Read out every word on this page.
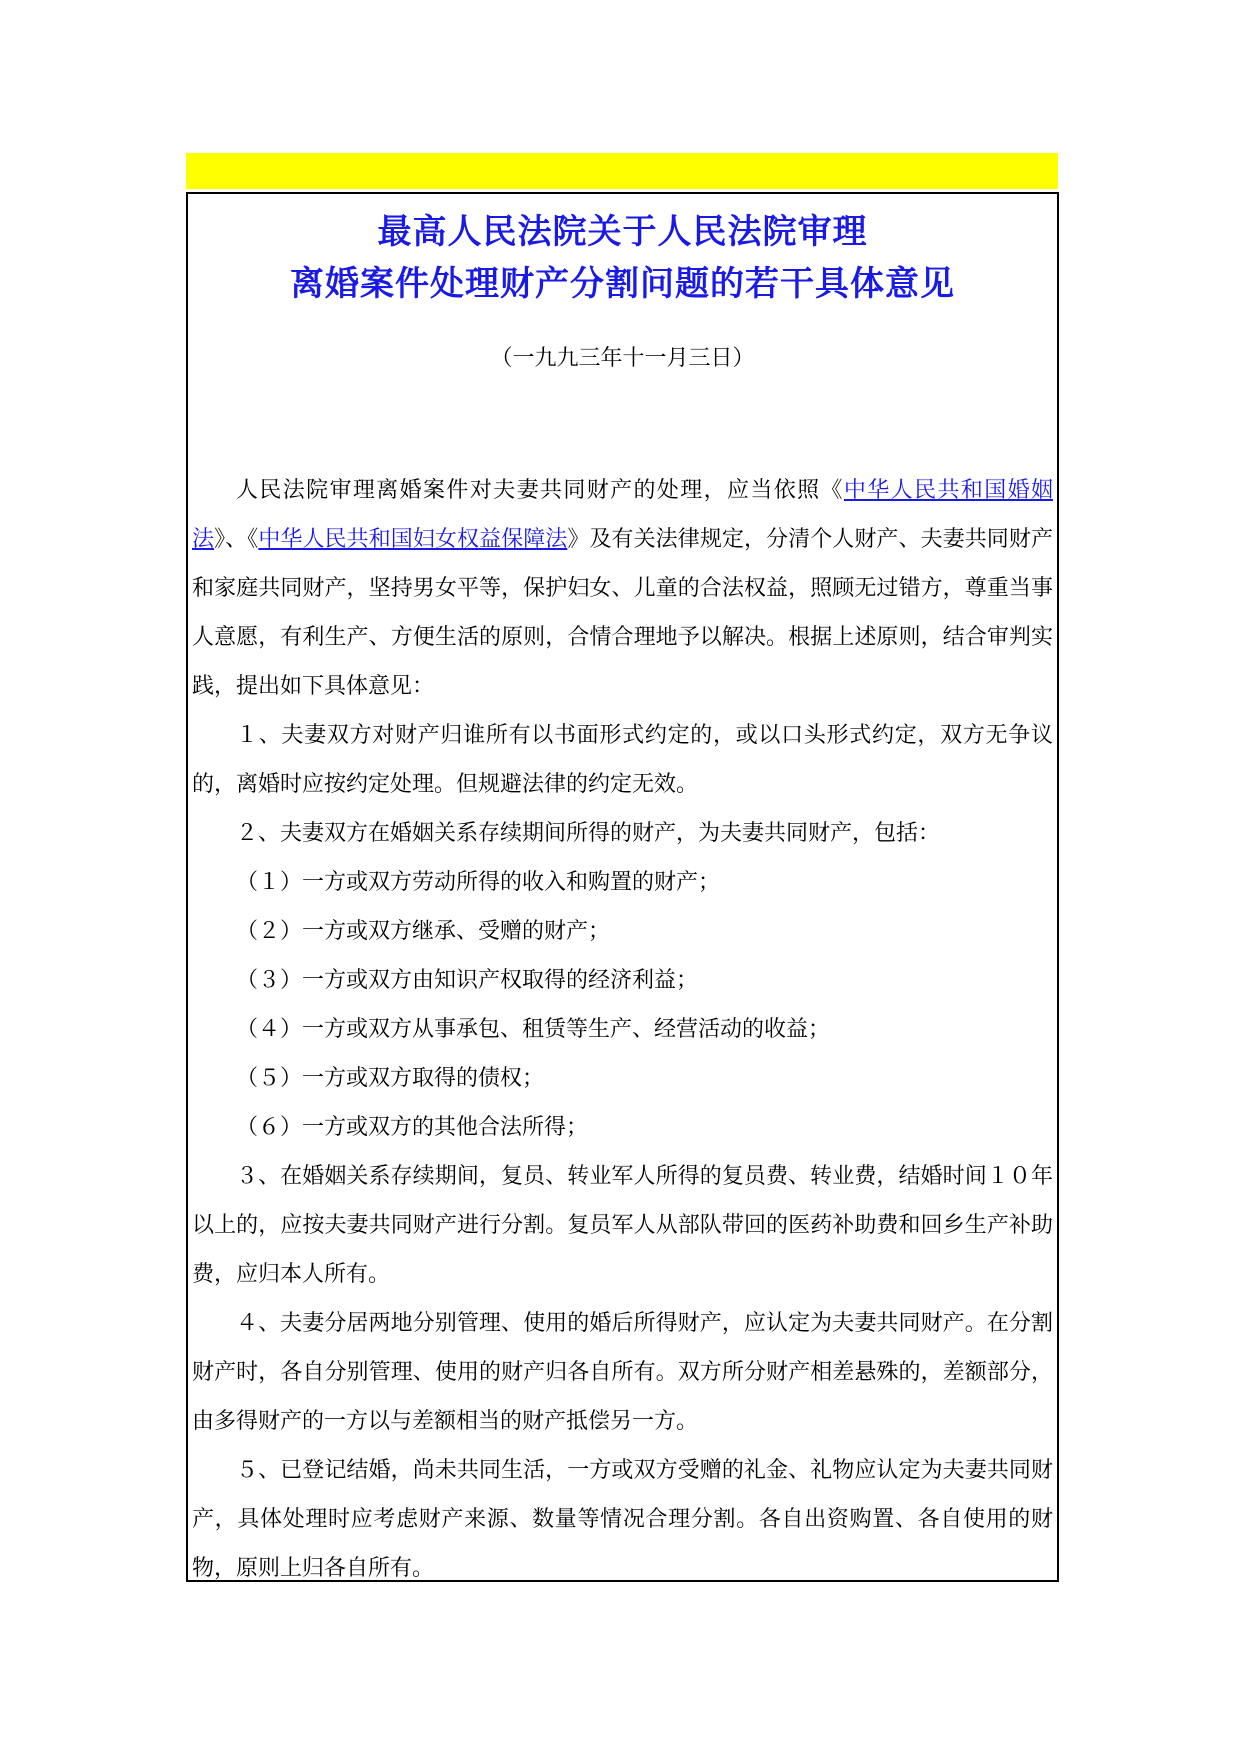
最高人民法院关于人民法院审理
离婚案件处理财产分割问题的若干具体意见
（一九九三年十一月三日）

人民法院审理离婚案件对夫妻共同财产的处理，应当依照《中华人民共和国婚姻法》、《中华人民共和国妇女权益保障法》及有关法律规定，分清个人财产、夫妻共同财产和家庭共同财产，坚持男女平等，保护妇女、儿童的合法权益，照顾无过错方，尊重当事人意愿，有利生产、方便生活的原则，合情合理地予以解决。根据上述原则，结合审判实践，提出如下具体意见：

１、夫妻双方对财产归谁所有以书面形式约定的，或以口头形式约定，双方无争议的，离婚时应按约定处理。但规避法律的约定无效。

２、夫妻双方在婚姻关系存续期间所得的财产，为夫妻共同财产，包括：

（１）一方或双方劳动所得的收入和购置的财产；

（２）一方或双方继承、受赠的财产；

（３）一方或双方由知识产权取得的经济利益；

（４）一方或双方从事承包、租赁等生产、经营活动的收益；

（５）一方或双方取得的债权；

（６）一方或双方的其他合法所得；

３、在婚姻关系存续期间，复员、转业军人所得的复员费、转业费，结婚时间１０年以上的，应按夫妻共同财产进行分割。复员军人从部队带回的医药补助费和回乡生产补助费，应归本人所有。

４、夫妻分居两地分别管理、使用的婚后所得财产，应认定为夫妻共同财产。在分割财产时，各自分别管理、使用的财产归各自所有。双方所分财产相差悬殊的，差额部分，由多得财产的一方以与差额相当的财产抵偿另一方。

５、已登记结婚，尚未共同生活，一方或双方受赠的礼金、礼物应认定为夫妻共同财产，具体处理时应考虑财产来源、数量等情况合理分割。各自出资购置、各自使用的财物，原则上归各自所有。
